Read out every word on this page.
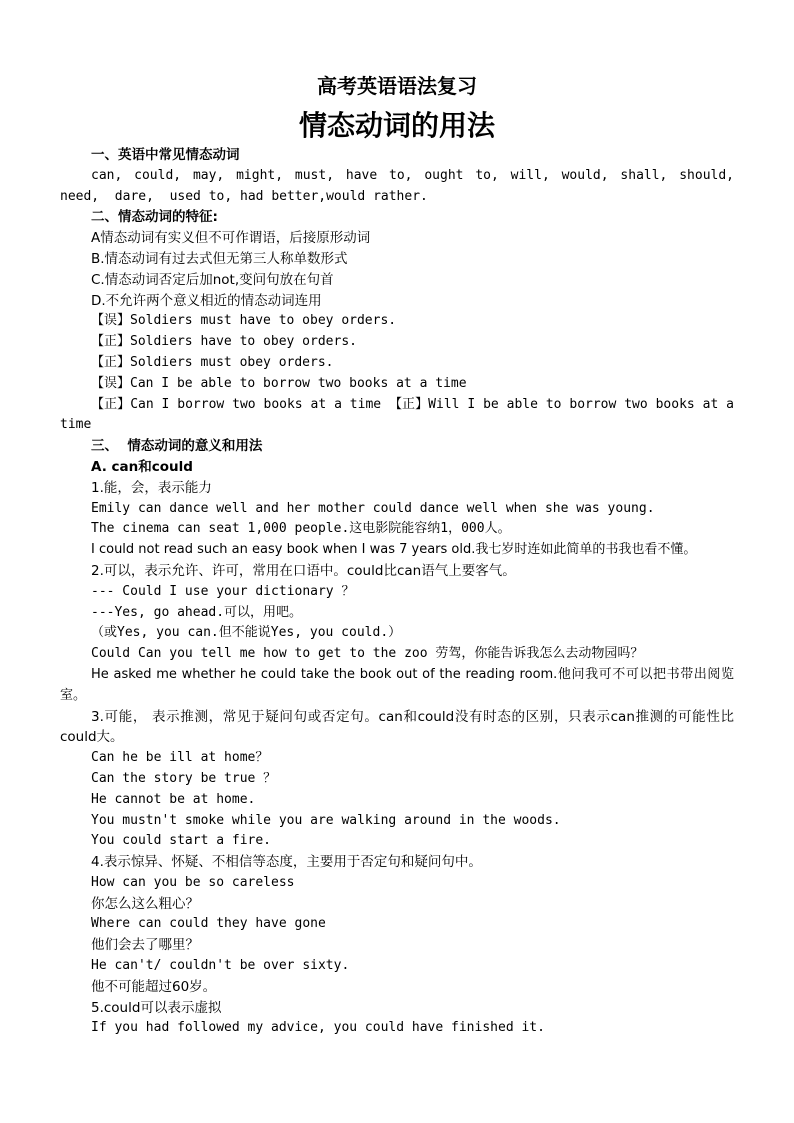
高考英语语法复习
情态动词的用法
一、英语中常见情态动词
can, could, may, might, must, have to, ought to, will, would, shall, should,
need,  dare,  used to, had better,would rather.
二、情态动词的特征:
A情态动词有实义但不可作谓语，后接原形动词
B.情态动词有过去式但无第三人称单数形式
C.情态动词否定后加not,变问句放在句首
D.不允许两个意义相近的情态动词连用
【误】Soldiers must have to obey orders.
【正】Soldiers have to obey orders.
【正】Soldiers must obey orders.
【误】Can I be able to borrow two books at a time
【正】Can I borrow two books at a time 【正】Will I be able to borrow two books at a time
三、  情态动词的意义和用法
A. can和could
1.能，会，表示能力
Emily can dance well and her mother could dance well when she was young.
The cinema can seat 1,000 people.这电影院能容纳1，000人。
I could not read such an easy book when I was 7 years old.我七岁时连如此简单的书我也看不懂。
2.可以，表示允许、许可，常用在口语中。could比can语气上要客气。
--- Could I use your dictionary ？
---Yes, go ahead.可以，用吧。
（或Yes, you can.但不能说Yes, you could.）
Could Can you tell me how to get to the zoo 劳驾，你能告诉我怎么去动物园吗？
He asked me whether he could take the book out of the reading room.他问我可不可以把书带出阅览室。
3.可能， 表示推测，常见于疑问句或否定句。can和could没有时态的区别，只表示can推测的可能性比could大。
Can he be ill at home？
Can the story be true ？
He cannot be at home.
You mustn't smoke while you are walking around in the woods.
You could start a fire.
4.表示惊异、怀疑、不相信等态度，主要用于否定句和疑问句中。
How can you be so careless
你怎么这么粗心？
Where can could they have gone
他们会去了哪里？
He can't/ couldn't be over sixty.
他不可能超过60岁。
5.could可以表示虚拟
If you had followed my advice, you could have finished it.
